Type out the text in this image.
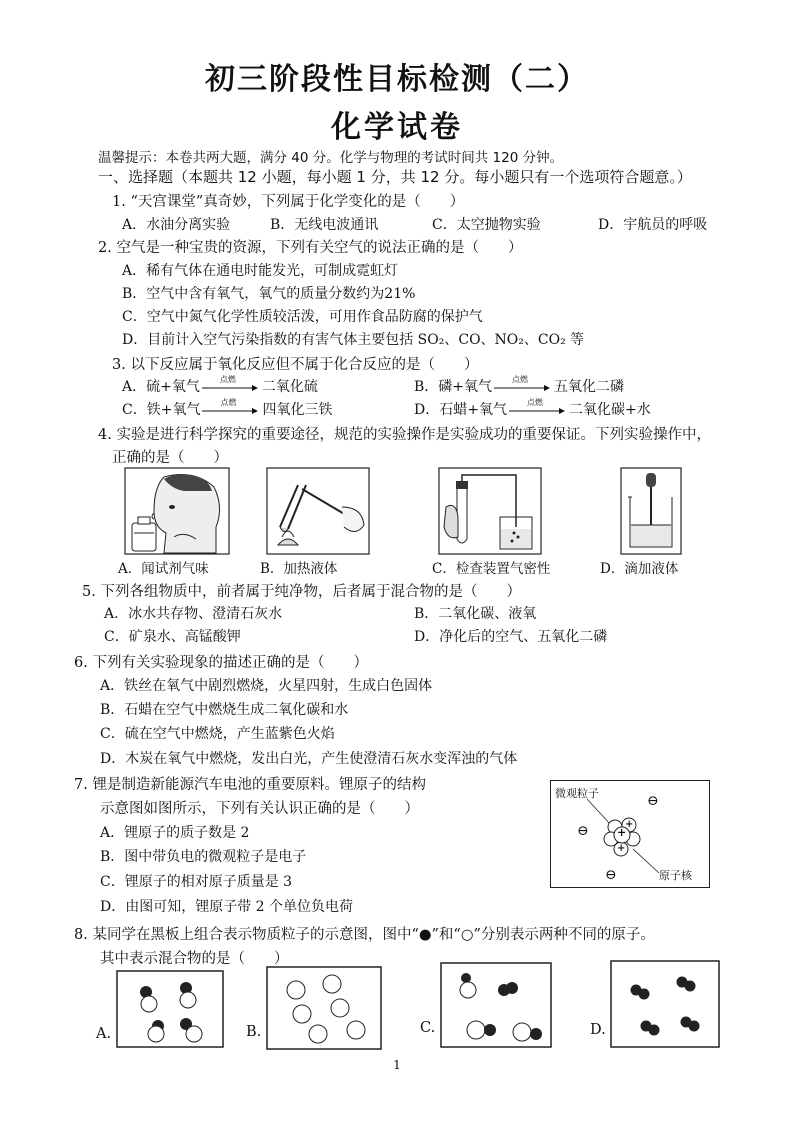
初三阶段性目标检测（二）
化学试卷
温馨提示：本卷共两大题，满分 40 分。化学与物理的考试时间共 120 分钟。
一、选择题（本题共 12 小题，每小题 1 分，共 12 分。每小题只有一个选项符合题意。）
1. “天宫课堂”真奇妙，下列属于化学变化的是（　　）
A．水油分离实验	B．无线电波通讯	C．太空抛物实验	D．宇航员的呼吸
2. 空气是一种宝贵的资源，下列有关空气的说法正确的是（　　）
A．稀有气体在通电时能发光，可制成霓虹灯
B．空气中含有氧气，氧气的质量分数约为21%
C．空气中氮气化学性质较活泼，可用作食品防腐的保护气
D．目前计入空气污染指数的有害气体主要包括 SO₂、CO、NO₂、CO₂ 等
3. 以下反应属于氧化反应但不属于化合反应的是（　　）
A．硫+氧气	点燃	二氧化硫	B．磷+氧气	点燃	五氧化二磷
C．铁+氧气	点燃	四氧化三铁	D．石蜡+氧气	点燃	二氧化碳+水
4. 实验是进行科学探究的重要途径，规范的实验操作是实验成功的重要保证。下列实验操作中，
正确的是（　　）
A．闻试剂气味	B．加热液体	C．检查装置气密性	D．滴加液体
5. 下列各组物质中，前者属于纯净物，后者属于混合物的是（　　）
A．冰水共存物、澄清石灰水	B．二氧化碳、液氧
C．矿泉水、高锰酸钾	D．净化后的空气、五氧化二磷
6. 下列有关实验现象的描述正确的是（　　）
A．铁丝在氧气中剧烈燃烧，火星四射，生成白色固体
B．石蜡在空气中燃烧生成二氧化碳和水
C．硫在空气中燃烧，产生蓝紫色火焰
D．木炭在氧气中燃烧，发出白光，产生使澄清石灰水变浑浊的气体
7. 锂是制造新能源汽车电池的重要原料。锂原子的结构
示意图如图所示，下列有关认识正确的是（　　）
A．锂原子的质子数是 2
B．图中带负电的微观粒子是电子
C．锂原子的相对原子质量是 3
D．由图可知，锂原子带 2 个单位负电荷
微观粒子
原子核
⊖
⊖
⊖
+
+
+
8. 某同学在黑板上组合表示物质粒子的示意图，图中“●”和“○”分别表示两种不同的原子。
其中表示混合物的是（　　）
A.	B.	C.	D.
1
